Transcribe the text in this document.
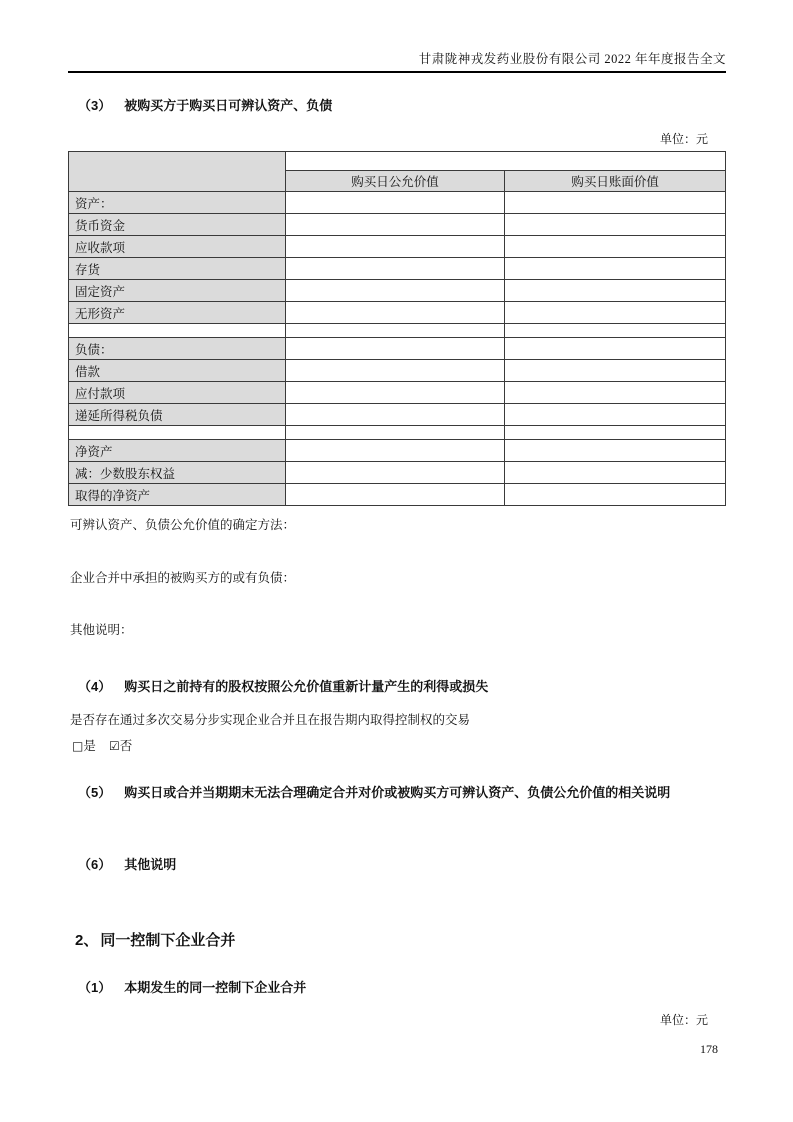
甘肃陇神戎发药业股份有限公司 2022 年年度报告全文
（3） 被购买方于购买日可辨认资产、负债
单位：元

	购买日公允价值	购买日账面价值
资产：		
货币资金		
应收款项		
存货		
固定资产		
无形资产		

负债：		
借款		
应付款项		
递延所得税负债		

净资产		
减：少数股东权益		
取得的净资产		

可辨认资产、负债公允价值的确定方法：

企业合并中承担的被购买方的或有负债：

其他说明：

（4） 购买日之前持有的股权按照公允价值重新计量产生的利得或损失

是否存在通过多次交易分步实现企业合并且在报告期内取得控制权的交易

□是 ☑否
（5） 购买日或合并当期期末无法合理确定合并对价或被购买方可辨认资产、负债公允价值的相关说明
（6） 其他说明
2、 同一控制下企业合并
（1） 本期发生的同一控制下企业合并
单位：元
178
